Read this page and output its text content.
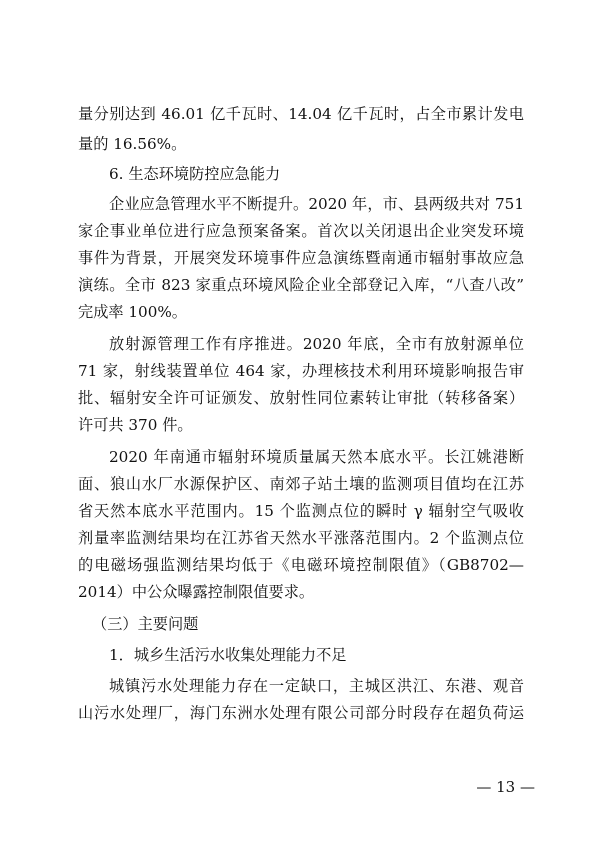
量分别达到 46.01 亿千瓦时、14.04 亿千瓦时，占全市累计发电
量的 16.56%。
6. 生态环境防控应急能力
企业应急管理水平不断提升。2020 年，市、县两级共对 751
家企事业单位进行应急预案备案。首次以关闭退出企业突发环境
事件为背景，开展突发环境事件应急演练暨南通市辐射事故应急
演练。全市 823 家重点环境风险企业全部登记入库，“八查八改”
完成率 100%。
放射源管理工作有序推进。2020 年底，全市有放射源单位
71 家，射线装置单位 464 家，办理核技术利用环境影响报告审
批、辐射安全许可证颁发、放射性同位素转让审批（转移备案）
许可共 370 件。
2020 年南通市辐射环境质量属天然本底水平。长江姚港断
面、狼山水厂水源保护区、南郊子站土壤的监测项目值均在江苏
省天然本底水平范围内。15 个监测点位的瞬时 γ 辐射空气吸收
剂量率监测结果均在江苏省天然水平涨落范围内。2 个监测点位
的电磁场强监测结果均低于《电磁环境控制限值》（GB8702—
2014）中公众曝露控制限值要求。
（三）主要问题
1．城乡生活污水收集处理能力不足
城镇污水处理能力存在一定缺口，主城区洪江、东港、观音
山污水处理厂，海门东洲水处理有限公司部分时段存在超负荷运
— 13 —
